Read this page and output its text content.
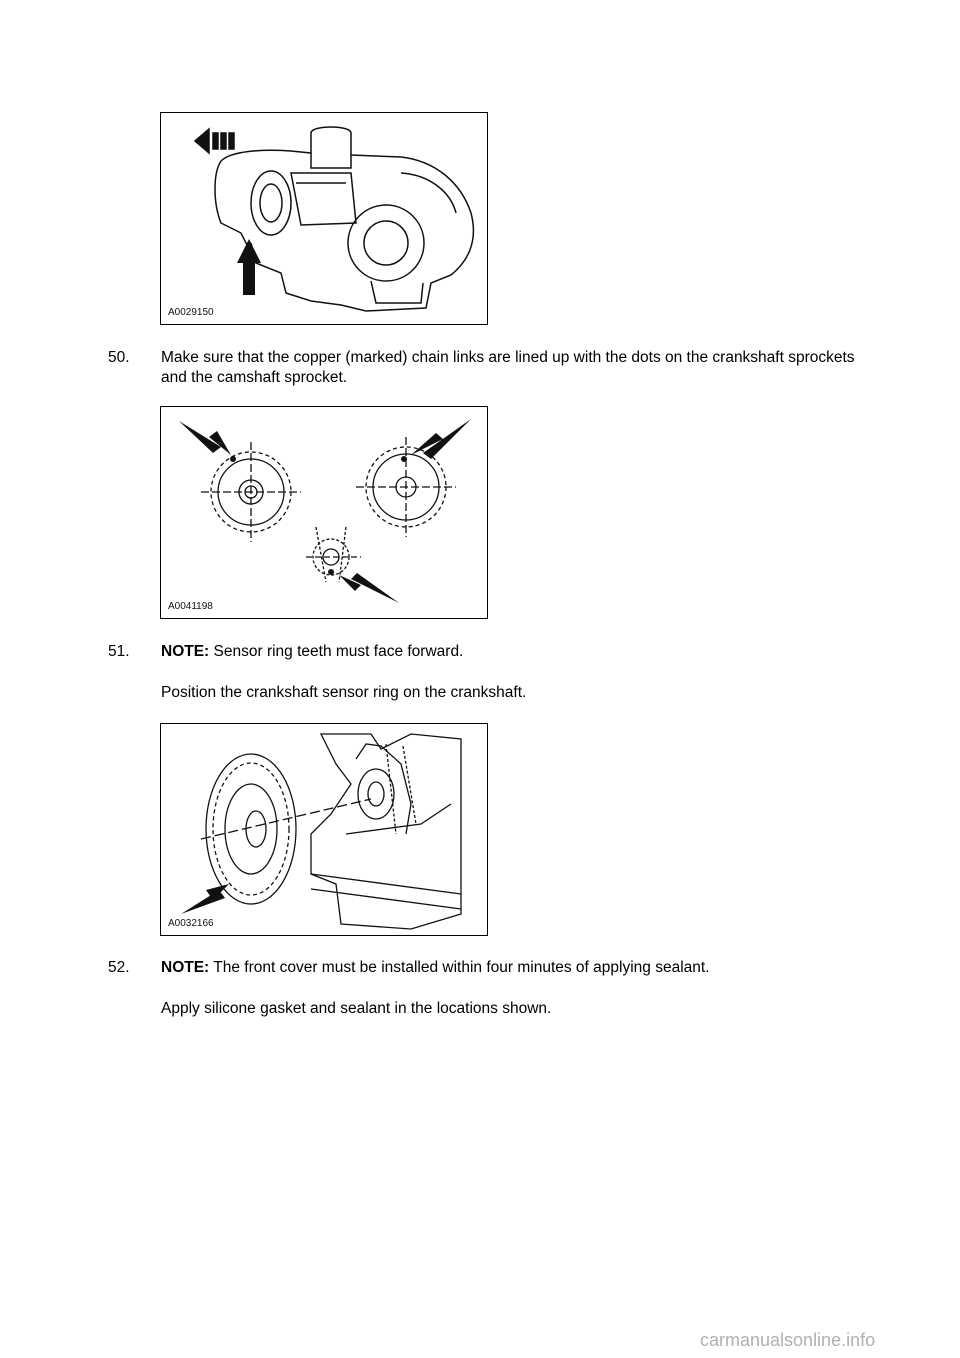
A0029150
50. Make sure that the copper (marked) chain links are lined up with the dots on the crankshaft sprockets and the camshaft sprocket.

A0041198
51. NOTE: Sensor ring teeth must face forward.

Position the crankshaft sensor ring on the crankshaft.

A0032166
52. NOTE: The front cover must be installed within four minutes of applying sealant.

Apply silicone gasket and sealant in the locations shown.

carmanualsonline.info
